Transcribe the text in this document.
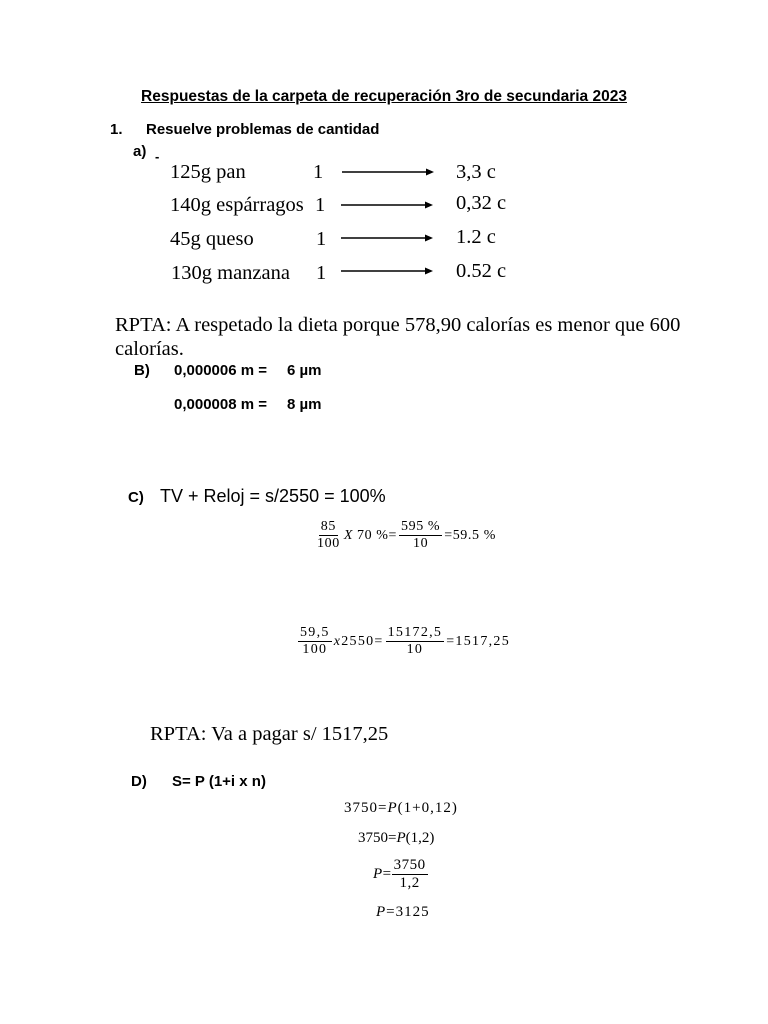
Respuestas de la carpeta de recuperación 3ro de secundaria 2023
1. Resuelve problemas de cantidad
a) -
125g pan	1	3,3 c
140g espárragos 1	0,32 c
45g queso	1	1.2 c
130g manzana 1	0.52 c
RPTA: A respetado la dieta porque 578,90 calorías es menor que 600
calorías.
B) 0,000006 m = 6 µm
0,000008 m = 8 µm
C) TV + Reloj = s/2550 = 100%
$\frac{85}{100}$ X 70 %= $\frac{595 \%}{10} =59.5$ %
$\frac{59,5}{100}$ x $2550= \frac{15172,5}{10} =1517,25$
RPTA: Va a pagar s/ 1517,25
D) S= P (1+i x n)
3750= P (1+0,12)
3750= P (1,2)
$P = \frac{3750}{1,2}$
P =3125
